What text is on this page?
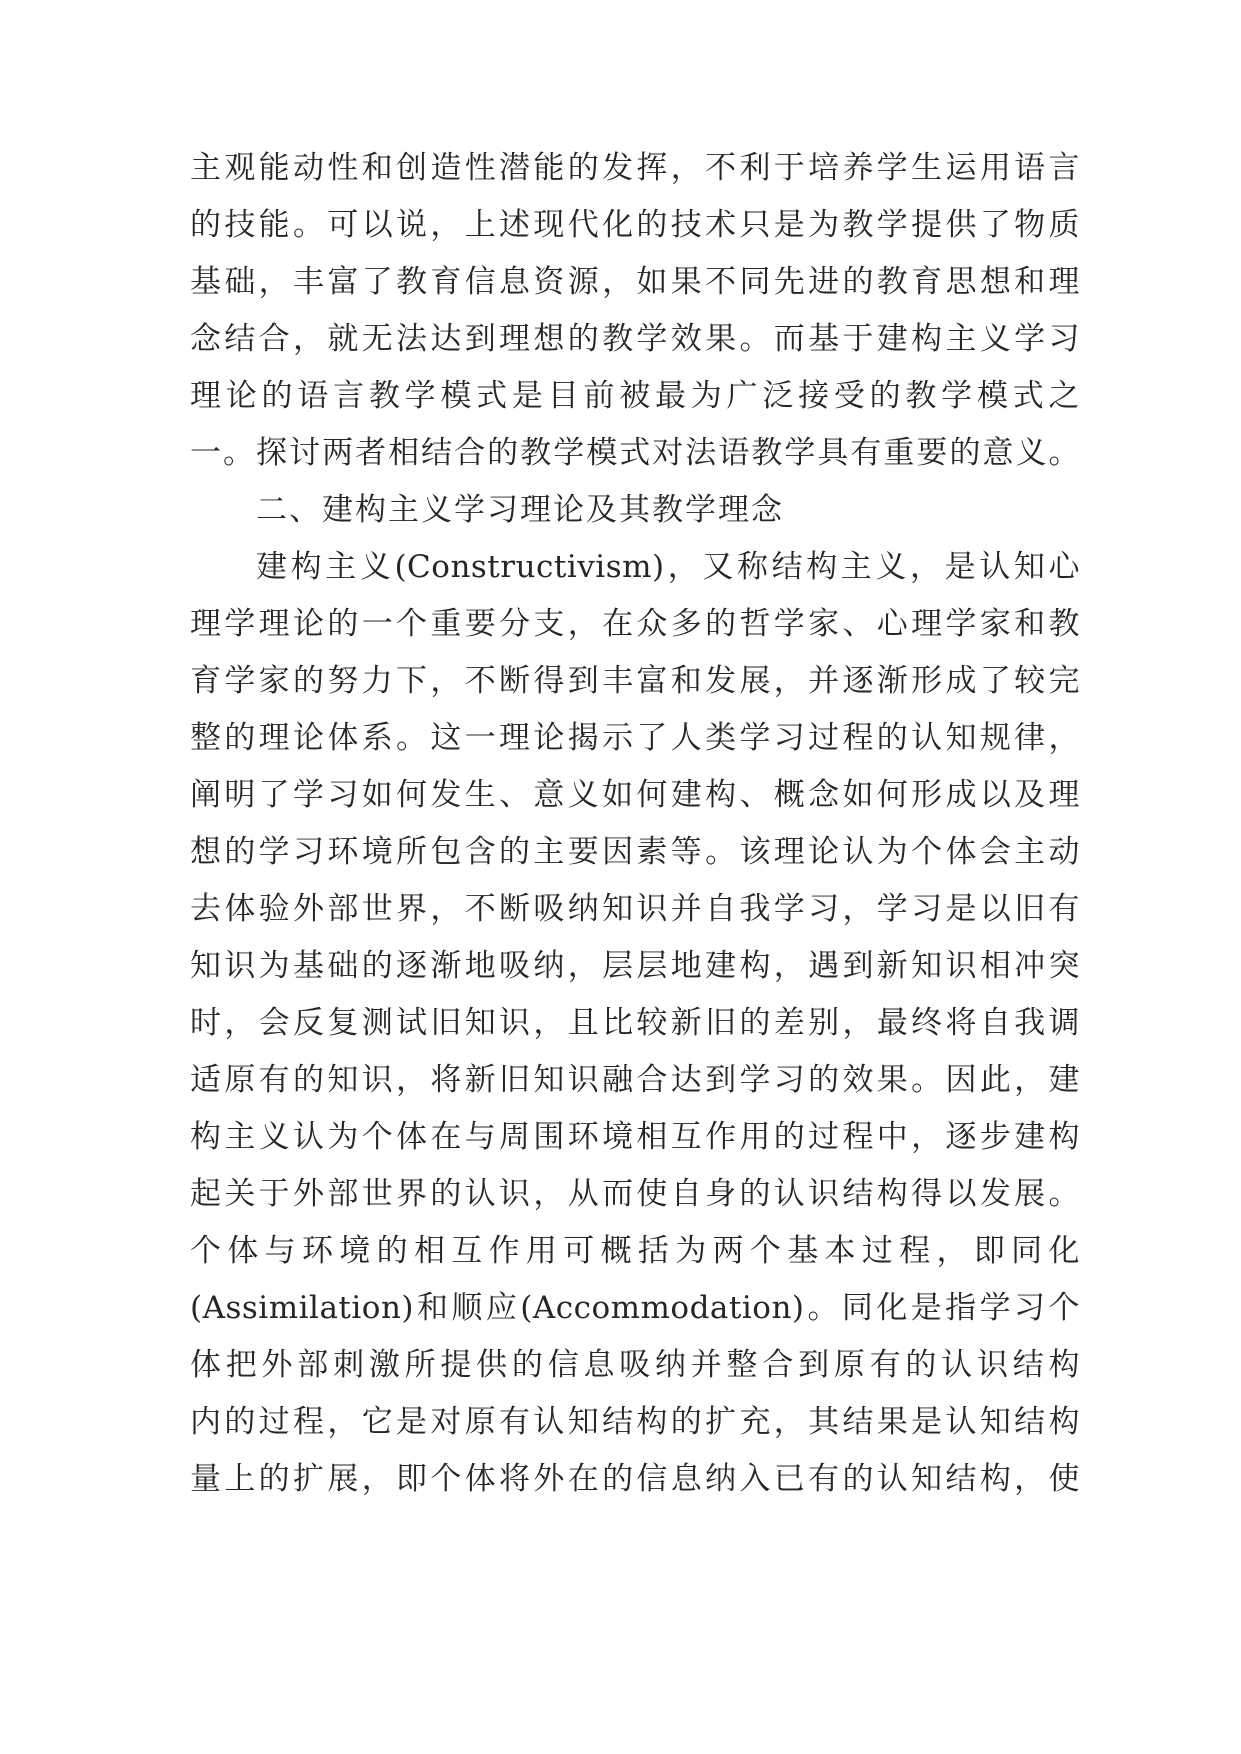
主观能动性和创造性潜能的发挥，不利于培养学生运用语言
的技能。可以说，上述现代化的技术只是为教学提供了物质
基础，丰富了教育信息资源，如果不同先进的教育思想和理
念结合，就无法达到理想的教学效果。而基于建构主义学习
理论的语言教学模式是目前被最为广泛接受的教学模式之
一。探讨两者相结合的教学模式对法语教学具有重要的意义。
二、建构主义学习理论及其教学理念
建构主义(Constructivism)，又称结构主义，是认知心
理学理论的一个重要分支，在众多的哲学家、心理学家和教
育学家的努力下，不断得到丰富和发展，并逐渐形成了较完
整的理论体系。这一理论揭示了人类学习过程的认知规律，
阐明了学习如何发生、意义如何建构、概念如何形成以及理
想的学习环境所包含的主要因素等。该理论认为个体会主动
去体验外部世界，不断吸纳知识并自我学习，学习是以旧有
知识为基础的逐渐地吸纳，层层地建构，遇到新知识相冲突
时，会反复测试旧知识，且比较新旧的差别，最终将自我调
适原有的知识，将新旧知识融合达到学习的效果。因此，建
构主义认为个体在与周围环境相互作用的过程中，逐步建构
起关于外部世界的认识，从而使自身的认识结构得以发展。
个体与环境的相互作用可概括为两个基本过程，即同化
(Assimilation)和顺应(Accommodation)。同化是指学习个
体把外部刺激所提供的信息吸纳并整合到原有的认识结构
内的过程，它是对原有认知结构的扩充，其结果是认知结构
量上的扩展，即个体将外在的信息纳入已有的认知结构，使
